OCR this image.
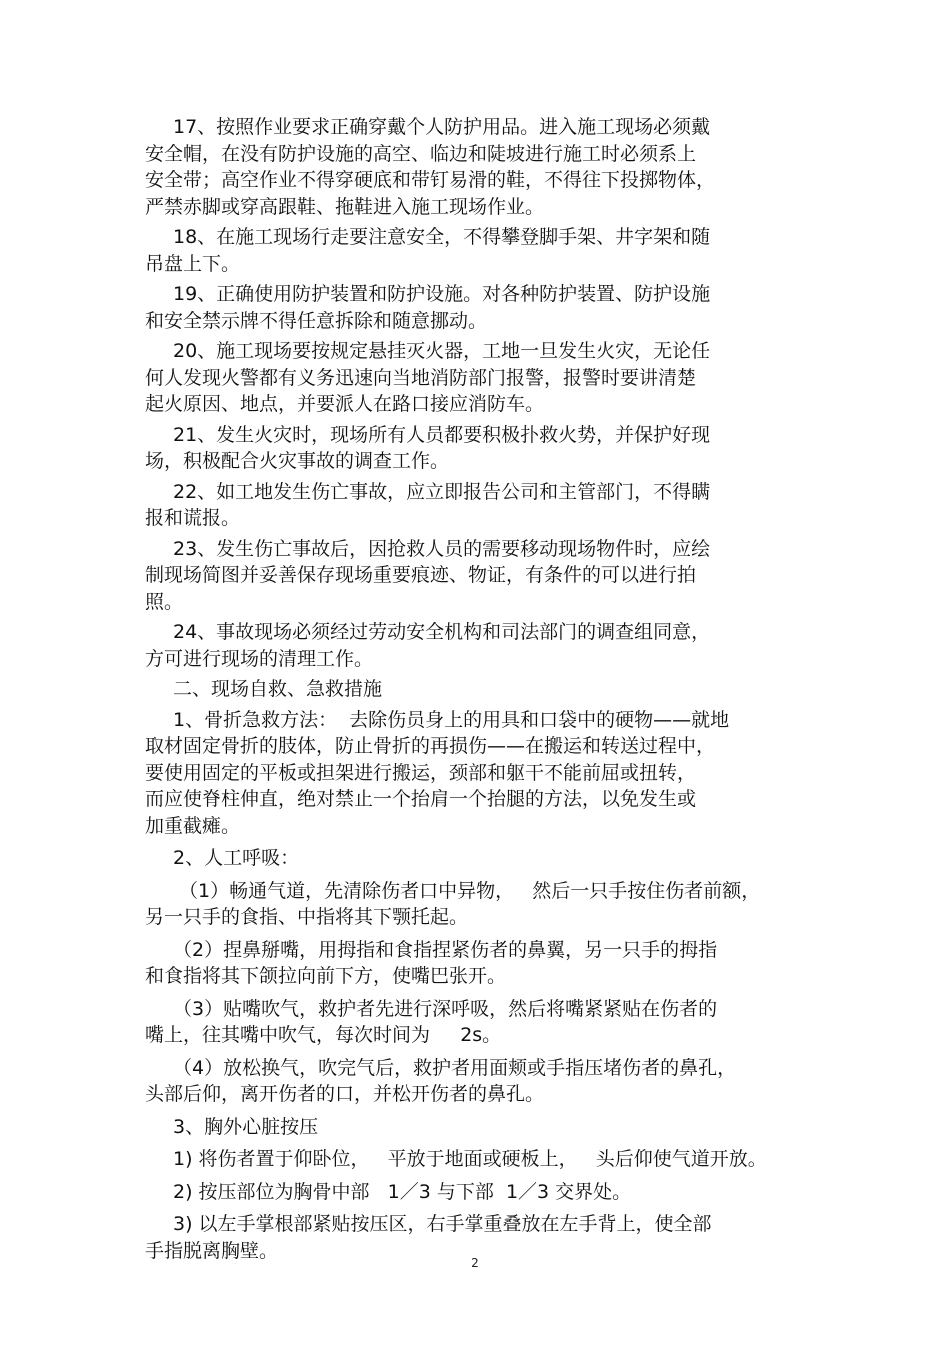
17、按照作业要求正确穿戴个人防护用品。进入施工现场必须戴
安全帽，在没有防护设施的高空、临边和陡坡进行施工时必须系上
安全带；高空作业不得穿硬底和带钉易滑的鞋，不得往下投掷物体，
严禁赤脚或穿高跟鞋、拖鞋进入施工现场作业。
18、在施工现场行走要注意安全，不得攀登脚手架、井字架和随
吊盘上下。
19、正确使用防护装置和防护设施。对各种防护装置、防护设施
和安全禁示牌不得任意拆除和随意挪动。
20、施工现场要按规定悬挂灭火器，工地一旦发生火灾，无论任
何人发现火警都有义务迅速向当地消防部门报警，报警时要讲清楚
起火原因、地点，并要派人在路口接应消防车。
21、发生火灾时，现场所有人员都要积极扑救火势，并保护好现
场，积极配合火灾事故的调查工作。
22、如工地发生伤亡事故，应立即报告公司和主管部门，不得瞒
报和谎报。
23、发生伤亡事故后，因抢救人员的需要移动现场物件时，应绘
制现场简图并妥善保存现场重要痕迹、物证，有条件的可以进行拍
照。
24、事故现场必须经过劳动安全机构和司法部门的调查组同意，
方可进行现场的清理工作。
二、现场自救、急救措施
1、骨折急救方法：  去除伤员身上的用具和口袋中的硬物——就地
取材固定骨折的肢体，防止骨折的再损伤——在搬运和转送过程中，
要使用固定的平板或担架进行搬运，颈部和躯干不能前屈或扭转，
而应使脊柱伸直，绝对禁止一个抬肩一个抬腿的方法，以免发生或
加重截瘫。
2、人工呼吸：
（1）畅通气道，先清除伤者口中异物，   然后一只手按住伤者前额，
另一只手的食指、中指将其下颚托起。
（2）捏鼻掰嘴，用拇指和食指捏紧伤者的鼻翼，另一只手的拇指
和食指将其下颌拉向前下方，使嘴巴张开。
（3）贴嘴吹气，救护者先进行深呼吸，然后将嘴紧紧贴在伤者的
嘴上，往其嘴中吹气，每次时间为     2s。
（4）放松换气，吹完气后，救护者用面颊或手指压堵伤者的鼻孔，
头部后仰，离开伤者的口，并松开伤者的鼻孔。
3、胸外心脏按压
1) 将伤者置于仰卧位，   平放于地面或硬板上，   头后仰使气道开放。
2) 按压部位为胸骨中部   1／3 与下部  1／3 交界处。
3) 以左手掌根部紧贴按压区，右手掌重叠放在左手背上，使全部
手指脱离胸壁。
2
